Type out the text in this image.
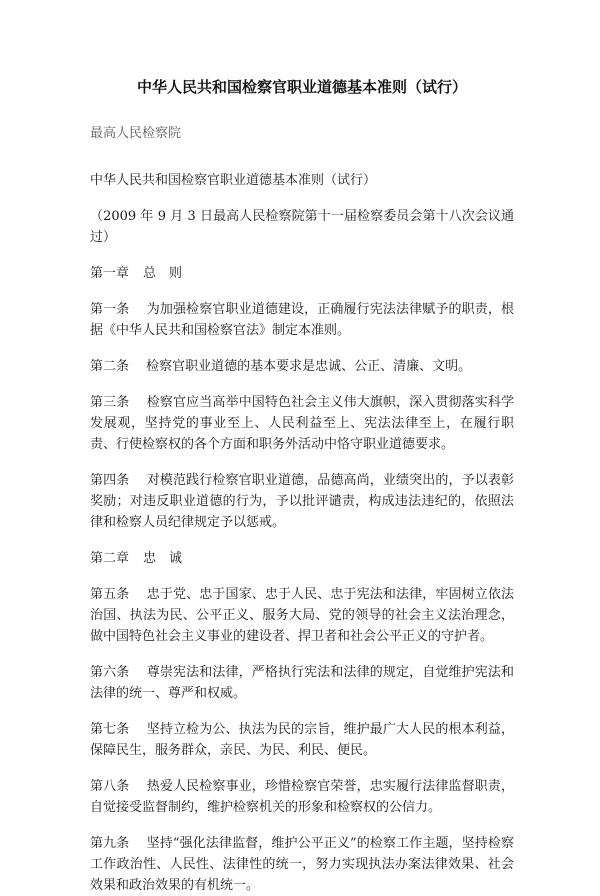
中华人民共和国检察官职业道德基本准则（试行）
最高人民检察院
中华人民共和国检察官职业道德基本准则（试行）
（2009 年 9 月 3 日最高人民检察院第十一届检察委员会第十八次会议通过）
第一章 总　则
第一条　 为加强检察官职业道德建设，正确履行宪法法律赋予的职责，根据《中华人民共和国检察官法》制定本准则。
第二条　 检察官职业道德的基本要求是忠诚、公正、清廉、文明。
第三条　 检察官应当高举中国特色社会主义伟大旗帜，深入贯彻落实科学发展观，坚持党的事业至上、人民利益至上、宪法法律至上，在履行职责、行使检察权的各个方面和职务外活动中恪守职业道德要求。
第四条　 对模范践行检察官职业道德，品德高尚，业绩突出的，予以表彰奖励；对违反职业道德的行为，予以批评谴责，构成违法违纪的，依照法律和检察人员纪律规定予以惩戒。
第二章 忠　诚
第五条　 忠于党、忠于国家、忠于人民、忠于宪法和法律，牢固树立依法治国、执法为民、公平正义、服务大局、党的领导的社会主义法治理念，做中国特色社会主义事业的建设者、捍卫者和社会公平正义的守护者。
第六条　 尊崇宪法和法律，严格执行宪法和法律的规定，自觉维护宪法和法律的统一、尊严和权威。
第七条　 坚持立检为公、执法为民的宗旨，维护最广大人民的根本利益，保障民生，服务群众，亲民、为民、利民、便民。
第八条　 热爱人民检察事业，珍惜检察官荣誉，忠实履行法律监督职责，自觉接受监督制约，维护检察机关的形象和检察权的公信力。
第九条　 坚持“强化法律监督，维护公平正义”的检察工作主题，坚持检察工作政治性、人民性、法律性的统一，努力实现执法办案法律效果、社会效果和政治效果的有机统一。
